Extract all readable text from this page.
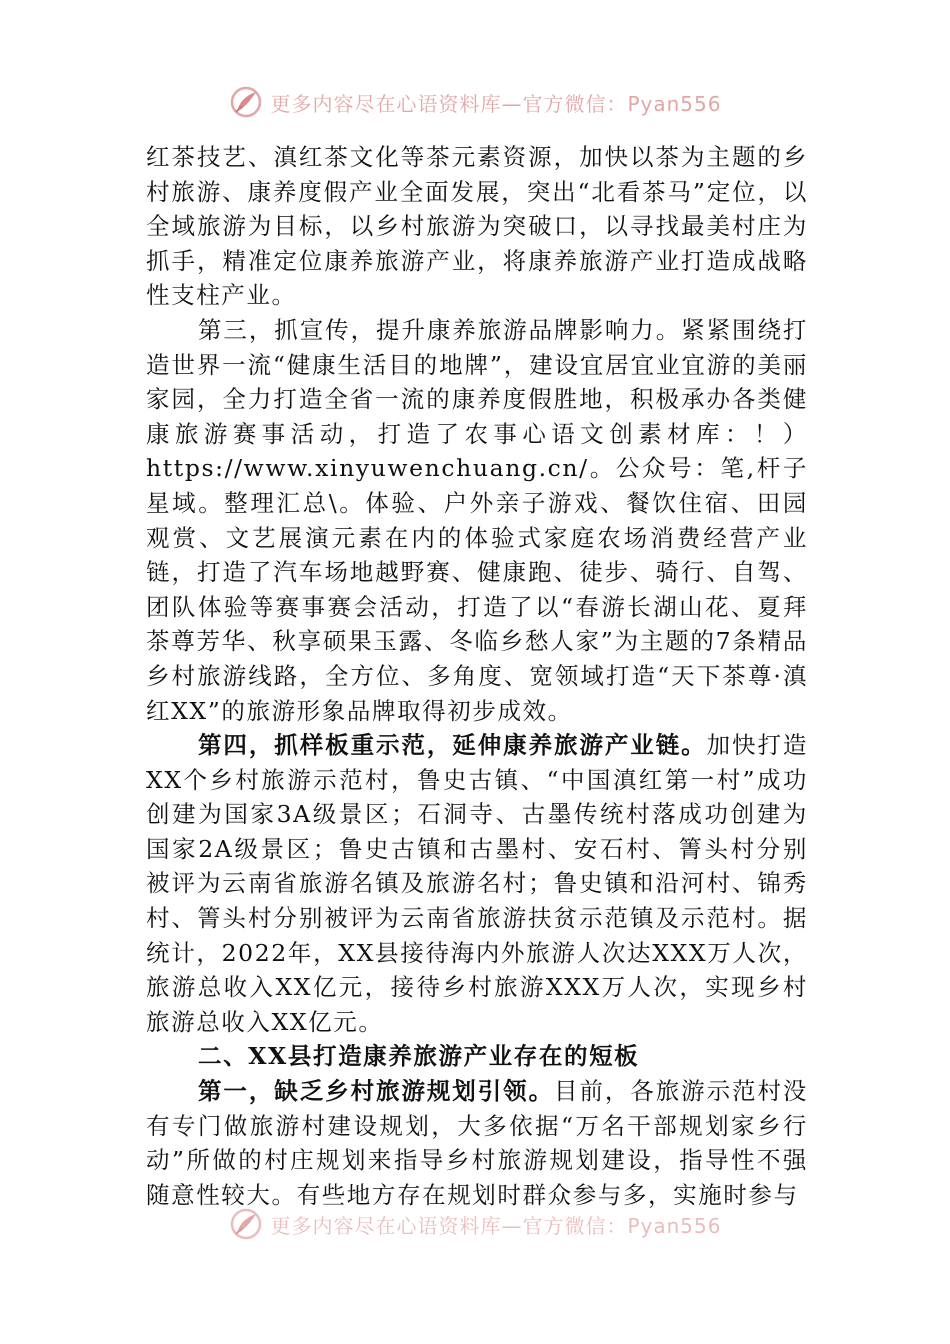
更多内容尽在心语资料库—官方微信：Pyan556

红茶技艺、滇红茶文化等茶元素资源，加快以茶为主题的乡村旅游、康养度假产业全面发展，突出“北看茶马”定位，以全域旅游为目标，以乡村旅游为突破口，以寻找最美村庄为抓手，精准定位康养旅游产业，将康养旅游产业打造成战略性支柱产业。

第三，抓宣传，提升康养旅游品牌影响力。紧紧围绕打造世界一流“健康生活目的地牌”，建设宜居宜业宜游的美丽家园，全力打造全省一流的康养度假胜地，积极承办各类健康旅游赛事活动，打造了农事心语文创素材库：！）https://www.xinyuwenchuang.cn/。公众号：笔,杆子星域。整理汇总\。体验、户外亲子游戏、餐饮住宿、田园观赏、文艺展演元素在内的体验式家庭农场消费经营产业链，打造了汽车场地越野赛、健康跑、徒步、骑行、自驾、团队体验等赛事赛会活动，打造了以“春游长湖山花、夏拜茶尊芳华、秋享硕果玉露、冬临乡愁人家”为主题的7条精品乡村旅游线路，全方位、多角度、宽领域打造“天下茶尊·滇红XX”的旅游形象品牌取得初步成效。

第四，抓样板重示范，延伸康养旅游产业链。加快打造XX个乡村旅游示范村，鲁史古镇、“中国滇红第一村”成功创建为国家3A级景区；石洞寺、古墨传统村落成功创建为国家2A级景区；鲁史古镇和古墨村、安石村、箐头村分别被评为云南省旅游名镇及旅游名村；鲁史镇和沿河村、锦秀村、箐头村分别被评为云南省旅游扶贫示范镇及示范村。据统计，2022年，XX县接待海内外旅游人次达XXX万人次，旅游总收入XX亿元，接待乡村旅游XXX万人次，实现乡村旅游总收入XX亿元。

二、XX县打造康养旅游产业存在的短板

第一，缺乏乡村旅游规划引领。目前，各旅游示范村没有专门做旅游村建设规划，大多依据“万名干部规划家乡行动”所做的村庄规划来指导乡村旅游规划建设，指导性不强随意性较大。有些地方存在规划时群众参与多，实施时参与

更多内容尽在心语资料库—官方微信：Pyan556
